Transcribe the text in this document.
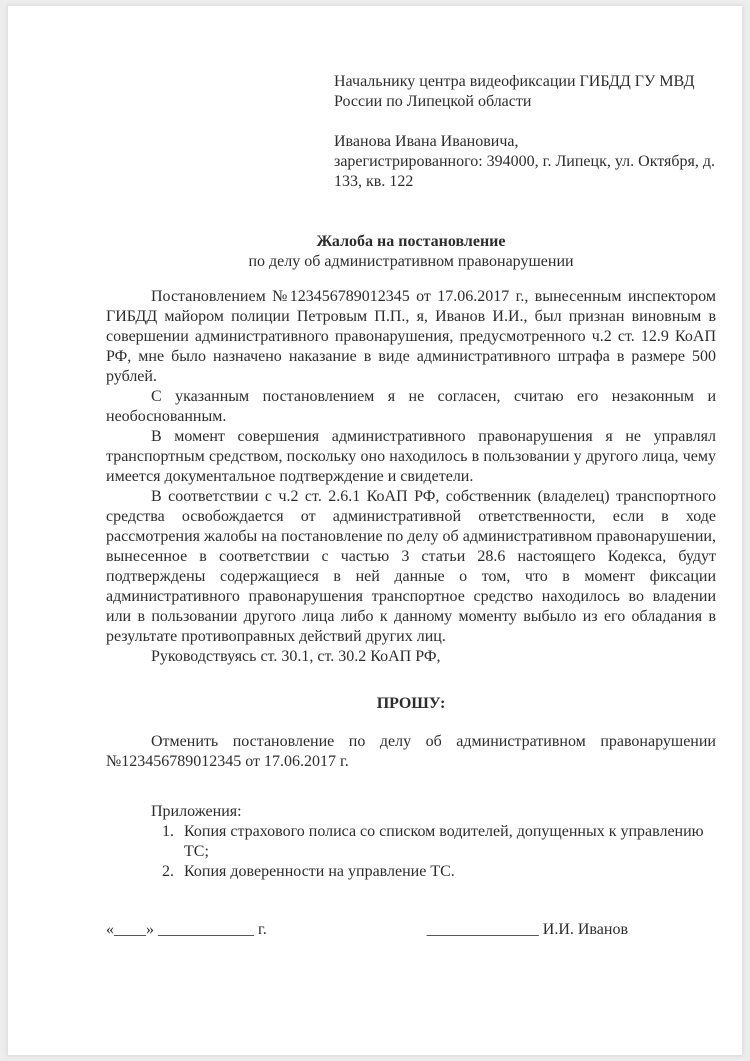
Начальнику центра видеофиксации ГИБДД ГУ МВД России по Липецкой области

Иванова Ивана Ивановича,

зарегистрированного: 394000, г. Липецк, ул. Октября, д. 133, кв. 122

Жалоба на постановление

по делу об административном правонарушении

Постановлением №123456789012345 от 17.06.2017 г., вынесенным инспектором ГИБДД майором полиции Петровым П.П., я, Иванов И.И., был признан виновным в совершении административного правонарушения, предусмотренного ч.2 ст. 12.9 КоАП РФ, мне было назначено наказание в виде административного штрафа в размере 500 рублей.

С указанным постановлением я не согласен, считаю его незаконным и необоснованным.

В момент совершения административного правонарушения я не управлял транспортным средством, поскольку оно находилось в пользовании у другого лица, чему имеется документальное подтверждение и свидетели.

В соответствии с ч.2 ст. 2.6.1 КоАП РФ, собственник (владелец) транспортного средства освобождается от административной ответственности, если в ходе рассмотрения жалобы на постановление по делу об административном правонарушении, вынесенное в соответствии с частью 3 статьи 28.6 настоящего Кодекса, будут подтверждены содержащиеся в ней данные о том, что в момент фиксации административного правонарушения транспортное средство находилось во владении или в пользовании другого лица либо к данному моменту выбыло из его обладания в результате противоправных действий других лиц.

Руководствуясь ст. 30.1, ст. 30.2 КоАП РФ,

ПРОШУ:

Отменить постановление по делу об административном правонарушении №123456789012345 от 17.06.2017 г.

Приложения:

1. Копия страхового полиса со списком водителей, допущенных к управлению ТС;
2. Копия доверенности на управление ТС.

«____» ____________ г.	______________ И.И. Иванов
